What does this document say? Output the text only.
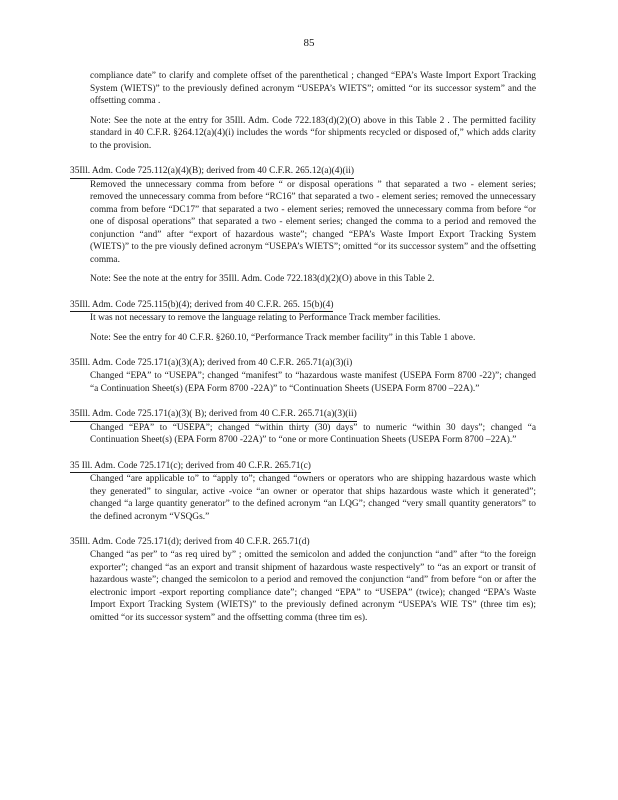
85

compliance date” to clarify and complete offset of the parenthetical ; changed “EPA’s Waste Import Export Tracking System (WIETS)” to the previously defined acronym “USEPA’s WIETS”; omitted “or its successor system” and the offsetting comma .

Note: See the note at the entry for 35Ill. Adm. Code 722.183(d)(2)(O) above in this Table 2 . The permitted facility standard in 40 C.F.R. §264.12(a)(4)(i) includes the words “for shipments recycled or disposed of,” which adds clarity to the provision.

35Ill. Adm. Code 725.112(a)(4)(B); derived from 40 C.F.R. 265.12(a)(4)(ii)

Removed the unnecessary comma from before “ or disposal operations ” that separated a two - element series; removed the unnecessary comma from before “RC16” that separated a two - element series; removed the unnecessary comma from before “DC17” that separated a two - element series; removed the unnecessary comma from before “or one of disposal operations” that separated a two - element series; changed the comma to a period and removed the conjunction “and” after “export of hazardous waste”; changed “EPA’s Waste Import Export Tracking System (WIETS)” to the pre viously defined acronym “USEPA’s WIETS”; omitted “or its successor system” and the offsetting comma.

Note: See the note at the entry for 35Ill. Adm. Code 722.183(d)(2)(O) above in this Table 2.

35Ill. Adm. Code 725.115(b)(4); derived from 40 C.F.R. 265. 15(b)(4)

It was not necessary to remove the language relating to Performance Track member facilities.

Note: See the entry for 40 C.F.R. §260.10, “Performance Track member facility” in this Table 1 above.

35Ill. Adm. Code 725.171(a)(3)(A); derived from 40 C.F.R. 265.71(a)(3)(i)

Changed “EPA” to “USEPA”; changed “manifest” to “hazardous waste manifest (USEPA Form 8700 -22)”; changed “a Continuation Sheet(s) (EPA Form 8700 -22A)” to “Continuation Sheets (USEPA Form 8700 –22A).”

35Ill. Adm. Code 725.171(a)(3)( B); derived from 40 C.F.R. 265.71(a)(3)(ii)

Changed “EPA” to “USEPA”; changed “within thirty (30) days” to numeric “within 30 days”; changed “a Continuation Sheet(s) (EPA Form 8700 -22A)” to “one or more Continuation Sheets (USEPA Form 8700 –22A).”

35 Ill. Adm. Code 725.171(c); derived from 40 C.F.R. 265.71(c)

Changed “are applicable to” to “apply to”; changed “owners or operators who are shipping hazardous waste which they generated” to singular, active -voice “an owner or operator that ships hazardous waste which it generated”; changed “a large quantity generator” to the defined acronym “an LQG”; changed “very small quantity generators” to the defined acronym “VSQGs.”

35Ill. Adm. Code 725.171(d); derived from 40 C.F.R. 265.71(d)

Changed “as per” to “as req uired by” ; omitted the semicolon and added the conjunction “and” after “to the foreign exporter”; changed “as an export and transit shipment of hazardous waste respectively” to “as an export or transit of hazardous waste”; changed the semicolon to a period and removed the conjunction “and” from before “on or after the electronic import -export reporting compliance date”; changed “EPA” to “USEPA” (twice); changed “EPA’s Waste Import Export Tracking System (WIETS)” to the previously defined acronym “USEPA’s WIE TS” (three tim es); omitted “or its successor system” and the offsetting comma (three tim es).
